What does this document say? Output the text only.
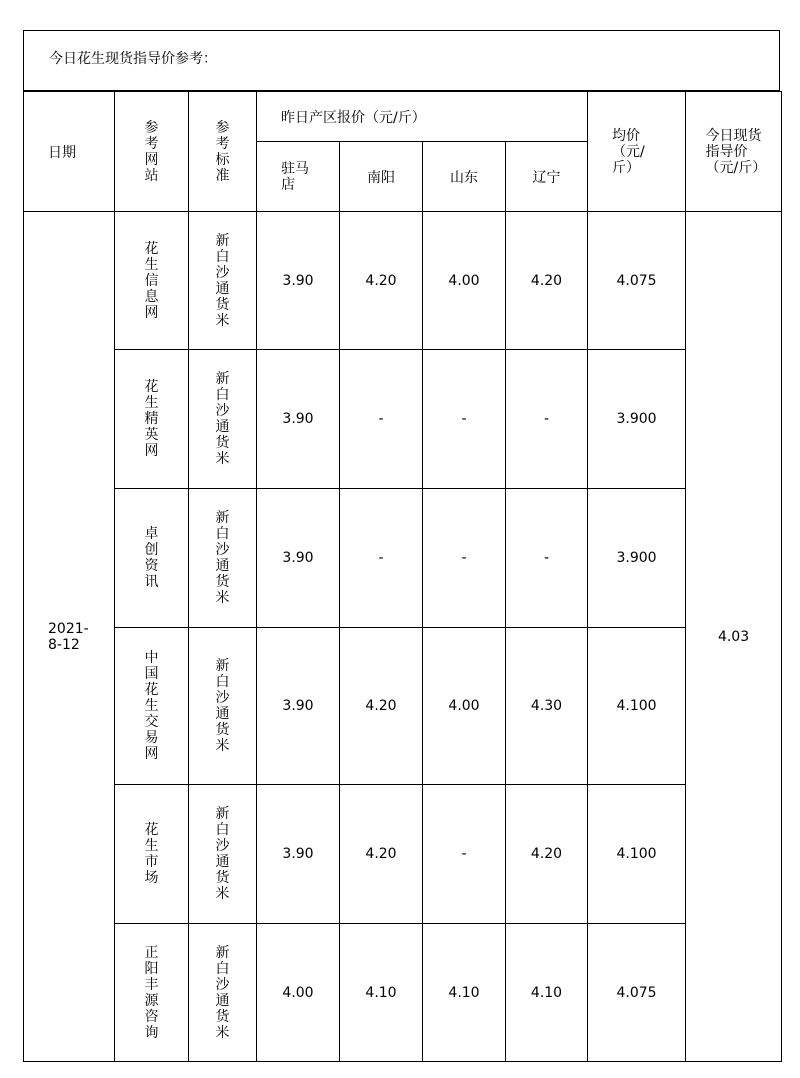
今日花生现货指导价参考：
日期	参考网站	参考标准	昨日产区报价（元/斤）				均价（元/斤）	今日现货指导价（元/斤）

			驻马店	南阳	山东	辽宁		

2021-8-12	花生信息网	新白沙通货米	3.90	4.20	4.00	4.20	4.075	4.03

	花生精英网	新白沙通货米	3.90	-	-	-	3.900	

	卓创资讯	新白沙通货米	3.90	-	-	-	3.900	

	中国花生交易网	新白沙通货米	3.90	4.20	4.00	4.30	4.100	

	花生市场	新白沙通货米	3.90	4.20	-	4.20	4.100	

	正阳丰源咨询	新白沙通货米	4.00	4.10	4.10	4.10	4.075	
